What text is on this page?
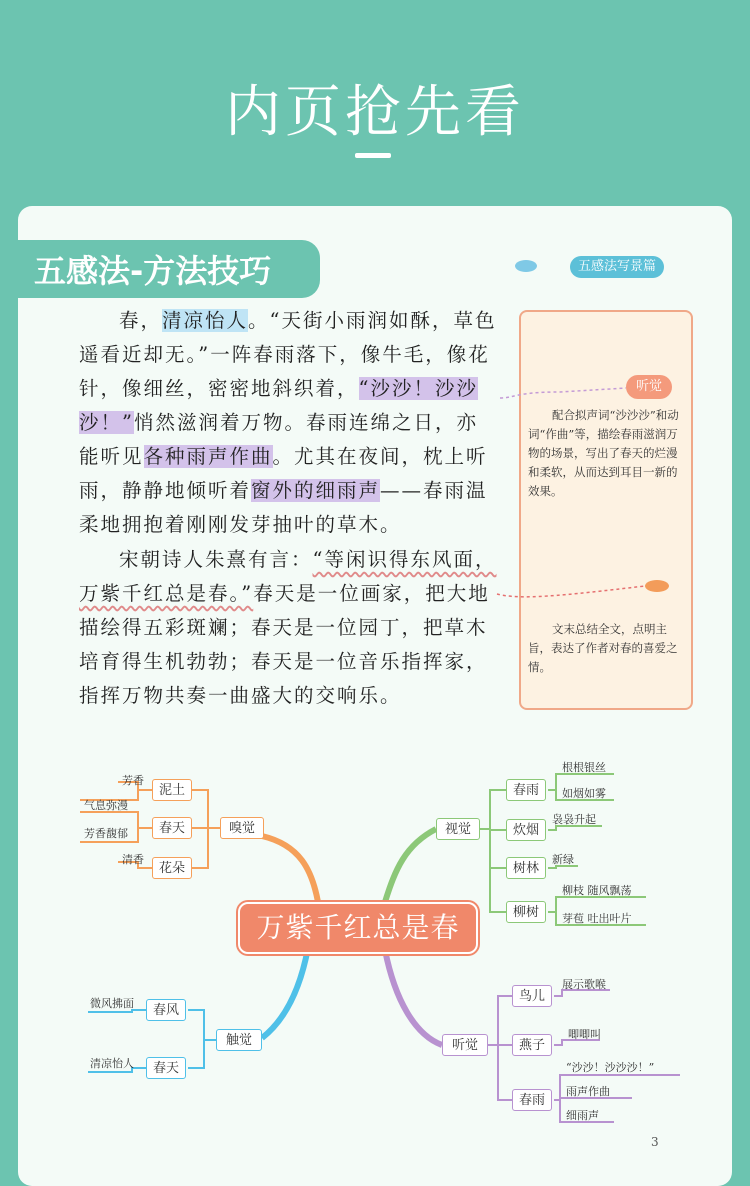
内页抢先看
五感法-方法技巧	五感法写景篇

春，清凉怡人。“天街小雨润如酥，草色遥看近却无。”一阵春雨落下，像牛毛，像花针，像细丝，密密地斜织着，“沙沙！沙沙沙！”悄然滋润着万物。春雨连绵之日，亦能听见各种雨声作曲。尤其在夜间，枕上听雨，静静地倾听着窗外的细雨声——春雨温柔地拥抱着刚刚发芽抽叶的草木。

宋朝诗人朱熹有言：“等闲识得东风面，万紫千红总是春。”春天是一位画家，把大地描绘得五彩斑斓；春天是一位园丁，把草木培育得生机勃勃；春天是一位音乐指挥家，指挥万物共奏一曲盛大的交响乐。

听觉

配合拟声词“沙沙沙”和动词“作曲”等，描绘春雨滋润万物的场景，写出了春天的烂漫和柔软，从而达到耳目一新的效果。

文末总结全文，点明主旨，表达了作者对春的喜爱之情。

万紫千红总是春
嗅觉
泥土
春天
花朵
芳香
气息弥漫
芳香馥郁
清香
触觉
春风
春天
微风拂面
清凉怡人
视觉
春雨
炊烟
树林
柳树
根根银丝
如烟如雾
袅袅升起
新绿
柳枝 随风飘荡
芽苞 吐出叶片
听觉
鸟儿
燕子
春雨
展示歌喉
唧唧叫
“沙沙！沙沙沙！”
雨声作曲
细雨声
3
